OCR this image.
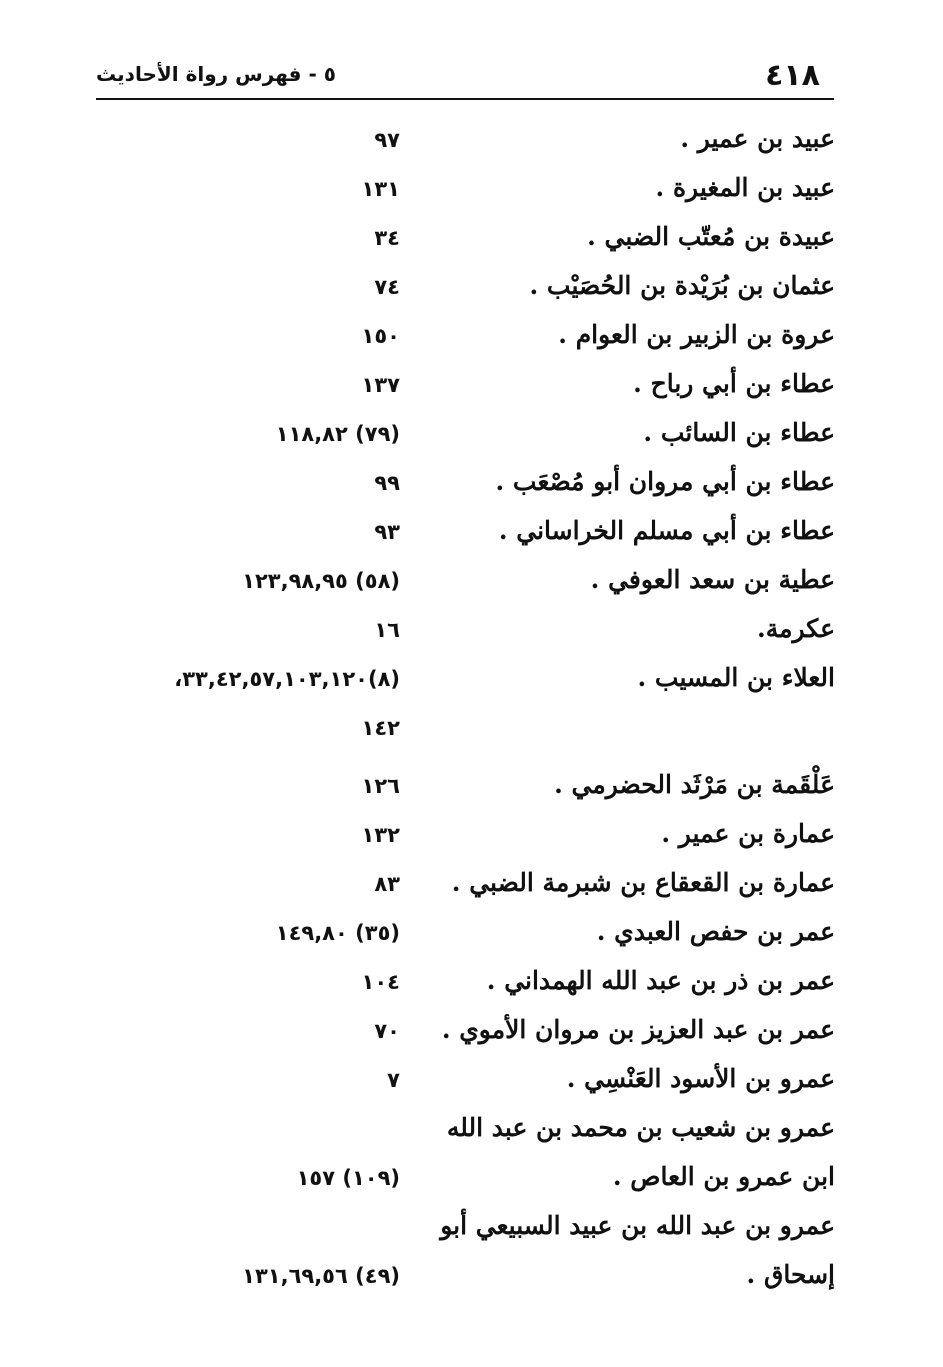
٥ - فهرس رواة الأحاديث	٤١٨
عبيد بن عمير .
٩٧
عبيد بن المغيرة .
١٣١
عبيدة بن مُعتّب الضبي .
٣٤
عثمان بن بُرَيْدة بن الحُصَيْب .
٧٤
عروة بن الزبير بن العوام .
١٥٠
عطاء بن أبي رباح .
١٣٧
عطاء بن السائب .
(٧٩) ١١٨,٨٢
عطاء بن أبي مروان أبو مُصْعَب .
٩٩
عطاء بن أبي مسلم الخراساني .
٩٣
عطية بن سعد العوفي .
(٥٨) ١٢٣,٩٨,٩٥
عكرمة.
١٦
العلاء بن المسيب .
(٨)٣٣,٤٢,٥٧,١٠٣,١٢٠،
١٤٢
عَلْقَمة بن مَرْثَد الحضرمي .
١٢٦
عمارة بن عمير .
١٣٢
عمارة بن القعقاع بن شبرمة الضبي .
٨٣
عمر بن حفص العبدي .
(٣٥) ١٤٩,٨٠
عمر بن ذر بن عبد الله الهمداني .
١٠٤
عمر بن عبد العزيز بن مروان الأموي .
٧٠
عمرو بن الأسود العَنْسِي .
٧
عمرو بن شعيب بن محمد بن عبد الله
ابن عمرو بن العاص .
(١٠٩) ١٥٧
عمرو بن عبد الله بن عبيد السبيعي أبو
إسحاق .
(٤٩) ١٣١,٦٩,٥٦
